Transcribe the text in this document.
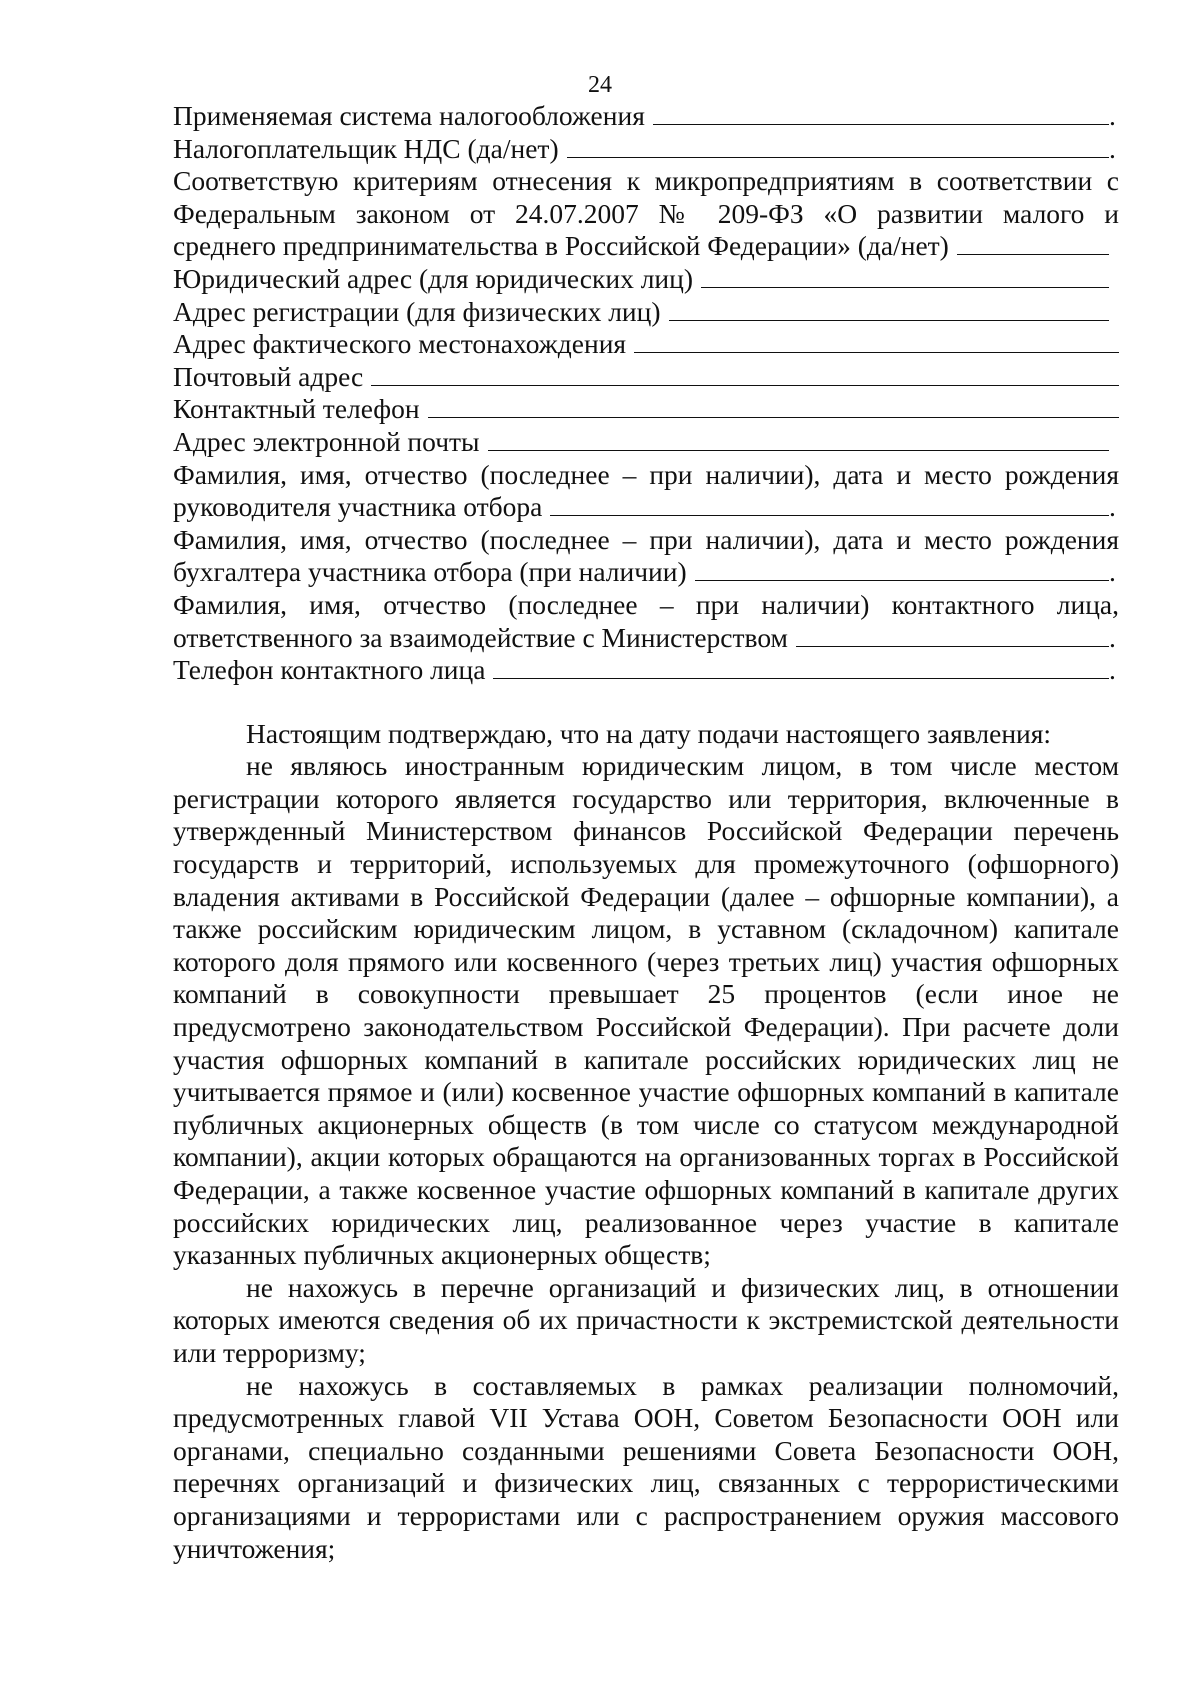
24
Применяемая система налогообложения	.
Налогоплательщик НДС (да/нет)	.
Соответствую критериям отнесения к микропредприятиям в соответствии с
Федеральным законом от 24.07.2007 № 209-ФЗ «О развитии малого и
среднего предпринимательства в Российской Федерации» (да/нет)
Юридический адрес (для юридических лиц)
Адрес регистрации (для физических лиц)
Адрес фактического местонахождения
Почтовый адрес
Контактный телефон
Адрес электронной почты
Фамилия, имя, отчество (последнее – при наличии), дата и место рождения
руководителя участника отбора	.
Фамилия, имя, отчество (последнее – при наличии), дата и место рождения
бухгалтера участника отбора (при наличии)	.
Фамилия, имя, отчество (последнее – при наличии) контактного лица,
ответственного за взаимодействие с Министерством	.
Телефон контактного лица	.

Настоящим подтверждаю, что на дату подачи настоящего заявления:

не являюсь иностранным юридическим лицом, в том числе местом регистрации которого является государство или территория, включенные в утвержденный Министерством финансов Российской Федерации перечень государств и территорий, используемых для промежуточного (офшорного) владения активами в Российской Федерации (далее – офшорные компании), а также российским юридическим лицом, в уставном (складочном) капитале которого доля прямого или косвенного (через третьих лиц) участия офшорных компаний в совокупности превышает 25 процентов (если иное не предусмотрено законодательством Российской Федерации). При расчете доли участия офшорных компаний в капитале российских юридических лиц не учитывается прямое и (или) косвенное участие офшорных компаний в капитале публичных акционерных обществ (в том числе со статусом международной компании), акции которых обращаются на организованных торгах в Российской Федерации, а также косвенное участие офшорных компаний в капитале других российских юридических лиц, реализованное через участие в капитале указанных публичных акционерных обществ;

не нахожусь в перечне организаций и физических лиц, в отношении которых имеются сведения об их причастности к экстремистской деятельности или терроризму;

не нахожусь в составляемых в рамках реализации полномочий, предусмотренных главой VII Устава ООН, Советом Безопасности ООН или органами, специально созданными решениями Совета Безопасности ООН, перечнях организаций и физических лиц, связанных с террористическими организациями и террористами или с распространением оружия массового уничтожения;
